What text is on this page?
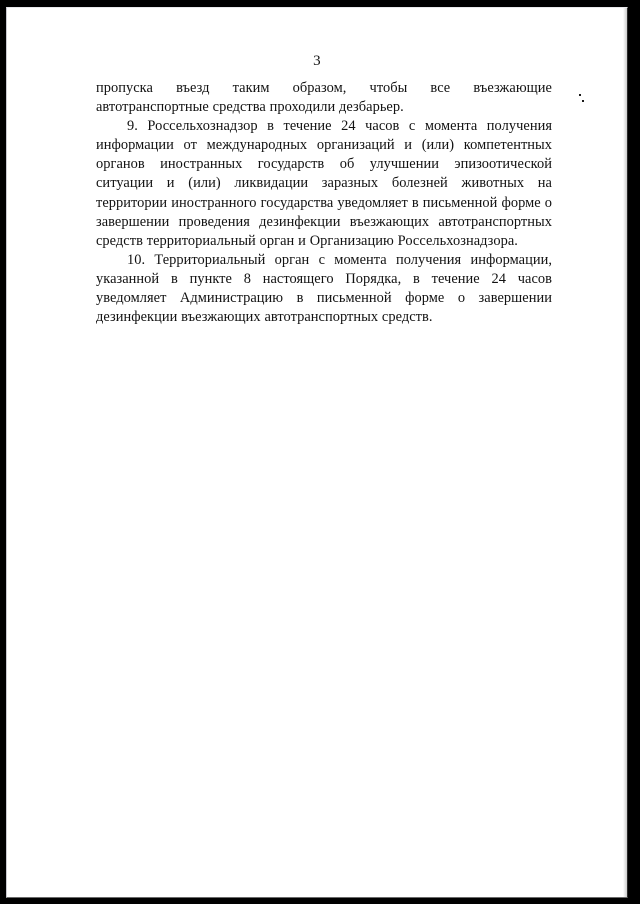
3

пропуска въезд таким образом, чтобы все въезжающие автотранспортные средства проходили дезбарьер.

9. Россельхознадзор в течение 24 часов с момента получения информации от международных организаций и (или) компетентных органов иностранных государств об улучшении эпизоотической ситуации и (или) ликвидации заразных болезней животных на территории иностранного государства уведомляет в письменной форме о завершении проведения дезинфекции въезжающих автотранспортных средств территориальный орган и Организацию Россельхознадзора.

10. Территориальный орган с момента получения информации, указанной в пункте 8 настоящего Порядка, в течение 24 часов уведомляет Администрацию в письменной форме о завершении дезинфекции въезжающих автотранспортных средств.
